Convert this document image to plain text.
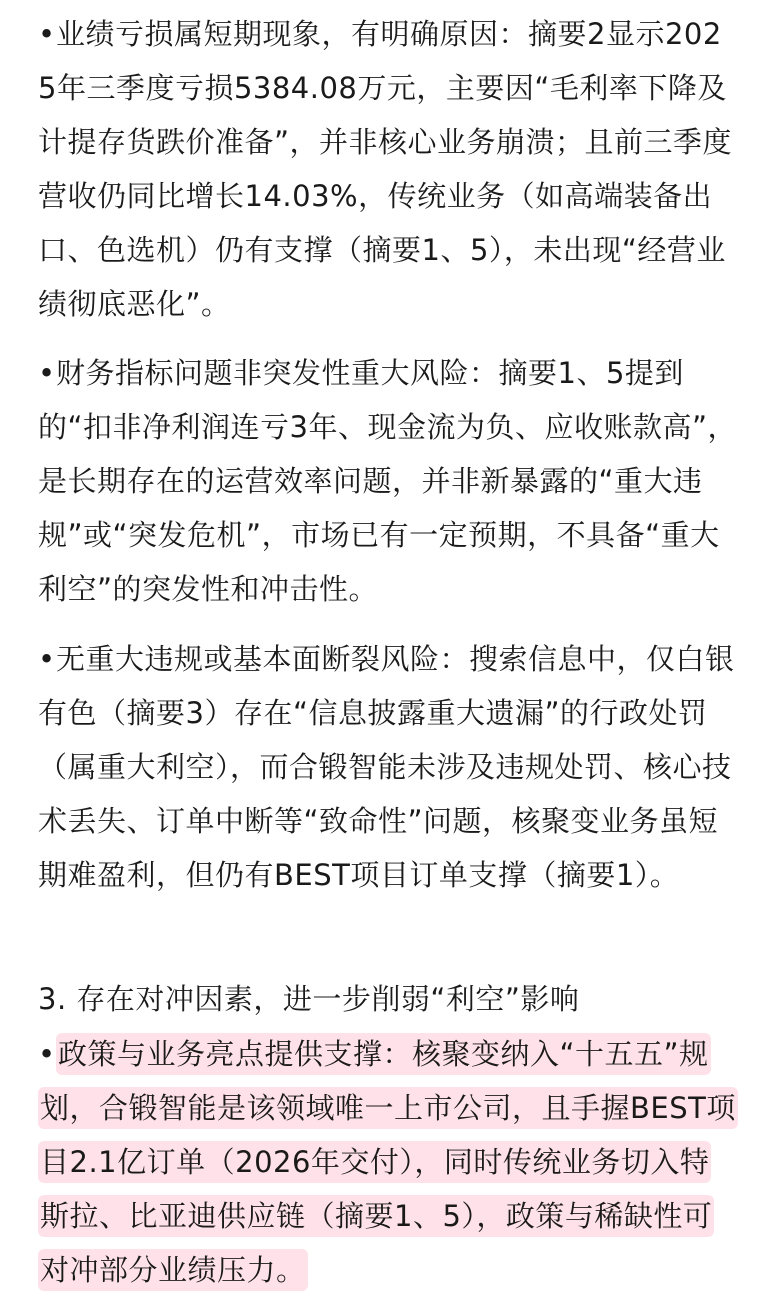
•业绩亏损属短期现象，有明确原因：摘要2显示2025年三季度亏损5384.08万元，主要因“毛利率下降及计提存货跌价准备”，并非核心业务崩溃；且前三季度营收仍同比增长14.03%，传统业务（如高端装备出口、色选机）仍有支撑（摘要1、5），未出现“经营业绩彻底恶化”。

•财务指标问题非突发性重大风险：摘要1、5提到的“扣非净利润连亏3年、现金流为负、应收账款高”，是长期存在的运营效率问题，并非新暴露的“重大违规”或“突发危机”，市场已有一定预期，不具备“重大利空”的突发性和冲击性。

•无重大违规或基本面断裂风险：搜索信息中，仅白银有色（摘要3）存在“信息披露重大遗漏”的行政处罚（属重大利空），而合锻智能未涉及违规处罚、核心技术丢失、订单中断等“致命性”问题，核聚变业务虽短期难盈利，但仍有BEST项目订单支撑（摘要1）。

3. 存在对冲因素，进一步削弱“利空”影响

•政策与业务亮点提供支撑：核聚变纳入“十五五”规划，合锻智能是该领域唯一上市公司，且手握BEST项目2.1亿订单（2026年交付），同时传统业务切入特斯拉、比亚迪供应链（摘要1、5），政策与稀缺性可对冲部分业绩压力。
